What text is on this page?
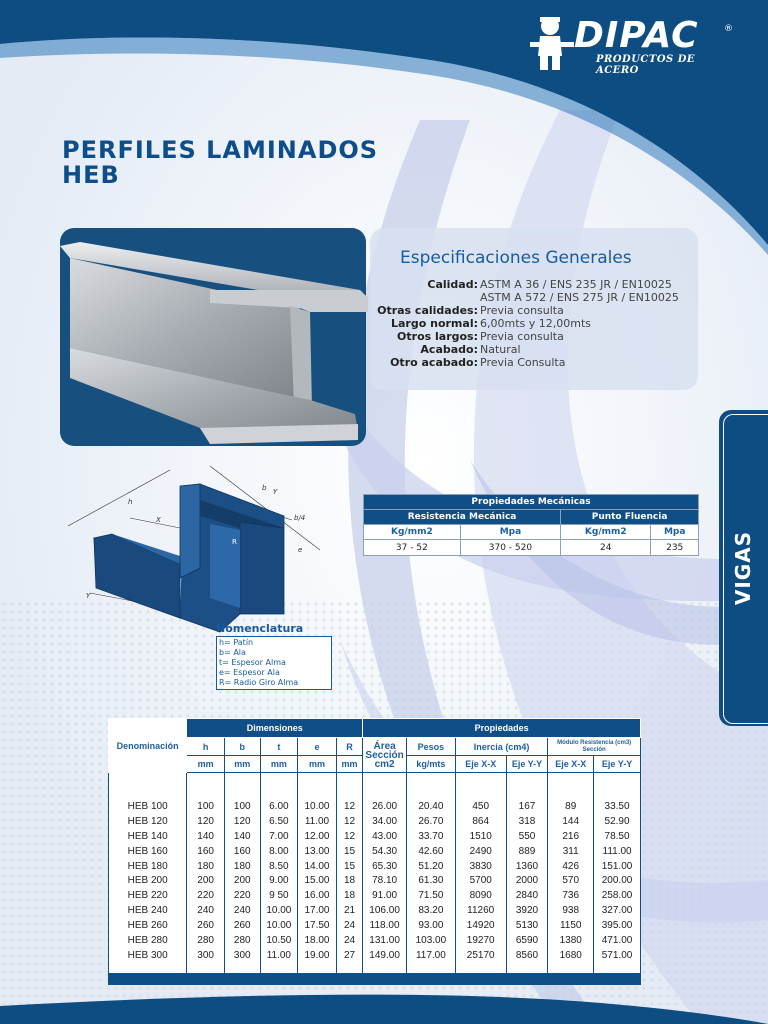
DIPAC	®
PRODUCTOS DE ACERO
PERFILES LAMINADOS
HEB
Especificaciones Generales
Calidad: ASTM A 36 / ENS 235 JR / EN10025
ASTM A 572 / ENS 275 JR / EN10025
Otras calidades: Previa consulta
Largo normal: 6,00mts y 12,00mts
Otros largos: Previa consulta
Acabado: Natural
Otro acabado: Previa Consulta
VIGAS
h
b Y
X	b/4
e
Y
R
Propiedades Mecánicas			
Resistencia Mecánica		Punto Fluencia	
Kg/mm2	Mpa	Kg/mm2	Mpa
37 - 52	370 - 520	24	235
Nomenclatura
h= Patín
b= Ala
t= Espesor Alma
e= Espesor Ala
R= Radio Giro Alma
Denominación	Dimensiones					Propiedades					
	h	b	t	e	R	Área Sección cm2	Pesos	Inercia (cm4)		Módulo Resistencia (cm3) Sección	
	mm	mm	mm	mm	mm		kg/mts	Eje X-X	Eje Y-Y	Eje X-X	Eje Y-Y

HEB 100	100	100	6.00	10.00	12	26.00	20.40	450	167	89	33.50
HEB 120	120	120	6.50	11.00	12	34.00	26.70	864	318	144	52.90
HEB 140	140	140	7.00	12.00	12	43.00	33.70	1510	550	216	78.50
HEB 160	160	160	8.00	13.00	15	54.30	42.60	2490	889	311	111.00
HEB 180	180	180	8.50	14.00	15	65.30	51.20	3830	1360	426	151.00
HEB 200	200	200	9.00	15.00	18	78.10	61.30	5700	2000	570	200.00
HEB 220	220	220	9 50	16.00	18	91.00	71.50	8090	2840	736	258.00
HEB 240	240	240	10.00	17.00	21	106.00	83.20	11260	3920	938	327.00
HEB 260	260	260	10.00	17.50	24	118.00	93.00	14920	5130	1150	395.00
HEB 280	280	280	10.50	18.00	24	131.00	103.00	19270	6590	1380	471.00
HEB 300	300	300	11.00	19.00	27	149.00	117.00	25170	8560	1680	571.00
